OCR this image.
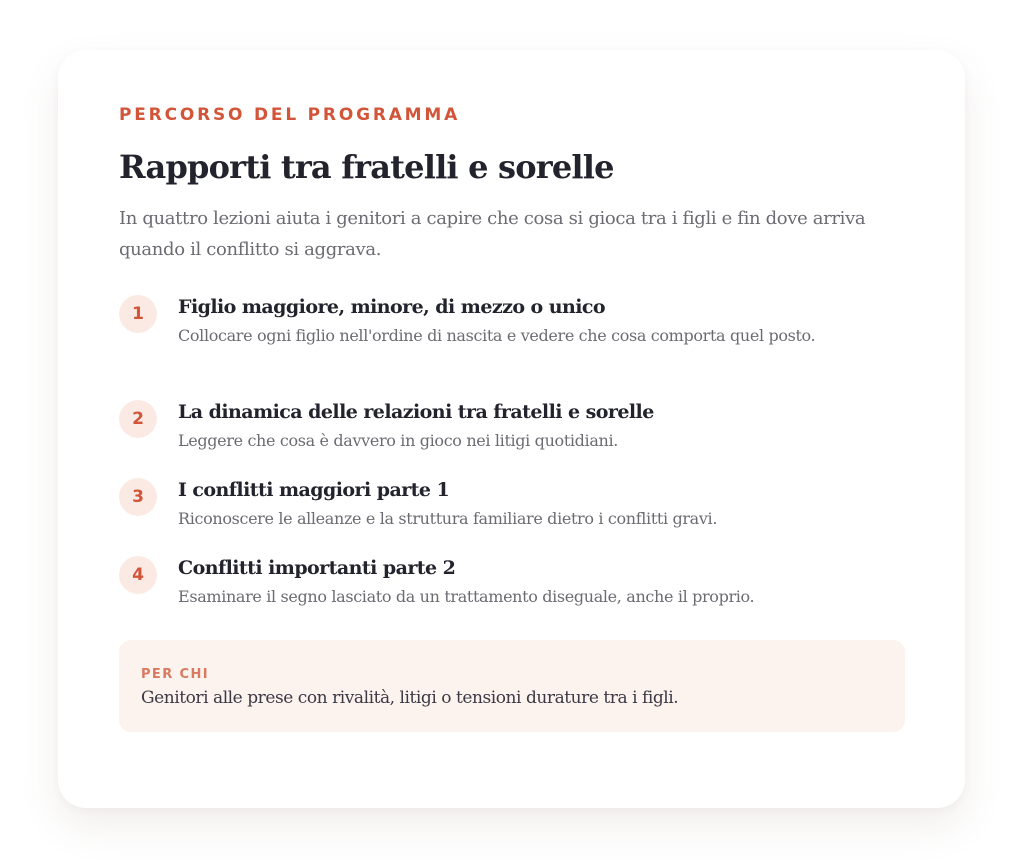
PERCORSO DEL PROGRAMMA
Rapporti tra fratelli e sorelle

In quattro lezioni aiuta i genitori a capire che cosa si gioca tra i figli e fin dove arriva quando il conflitto si aggrava.

1	Figlio maggiore, minore, di mezzo o unico
Collocare ogni figlio nell'ordine di nascita e vedere che cosa comporta quel posto.
2	La dinamica delle relazioni tra fratelli e sorelle
Leggere che cosa è davvero in gioco nei litigi quotidiani.
3	I conflitti maggiori parte 1
Riconoscere le alleanze e la struttura familiare dietro i conflitti gravi.
4	Conflitti importanti parte 2
Esaminare il segno lasciato da un trattamento diseguale, anche il proprio.
PER CHI
Genitori alle prese con rivalità, litigi o tensioni durature tra i figli.
